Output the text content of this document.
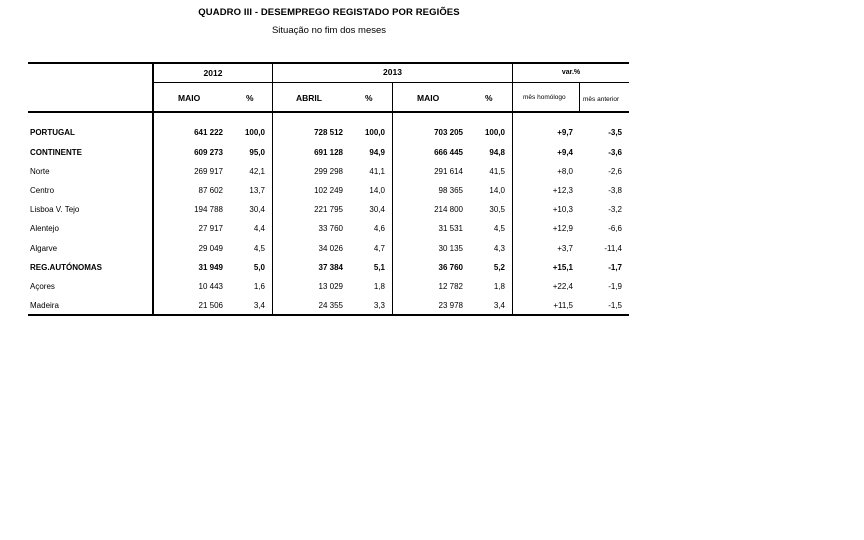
QUADRO III - DESEMPREGO REGISTADO POR REGIÕES
Situação no fim dos meses
2012	2013	var.%
MAIO	%	ABRIL	%	MAIO	%	mês homólogo	mês anterior
PORTUGAL	641 222	100,0	728 512	100,0	703 205	100,0	+9,7	-3,5
CONTINENTE	609 273	95,0	691 128	94,9	666 445	94,8	+9,4	-3,6
Norte	269 917	42,1	299 298	41,1	291 614	41,5	+8,0	-2,6
Centro	87 602	13,7	102 249	14,0	98 365	14,0	+12,3	-3,8
Lisboa V. Tejo	194 788	30,4	221 795	30,4	214 800	30,5	+10,3	-3,2
Alentejo	27 917	4,4	33 760	4,6	31 531	4,5	+12,9	-6,6
Algarve	29 049	4,5	34 026	4,7	30 135	4,3	+3,7	-11,4
REG.AUTÓNOMAS	31 949	5,0	37 384	5,1	36 760	5,2	+15,1	-1,7
Açores	10 443	1,6	13 029	1,8	12 782	1,8	+22,4	-1,9
Madeira	21 506	3,4	24 355	3,3	23 978	3,4	+11,5	-1,5
